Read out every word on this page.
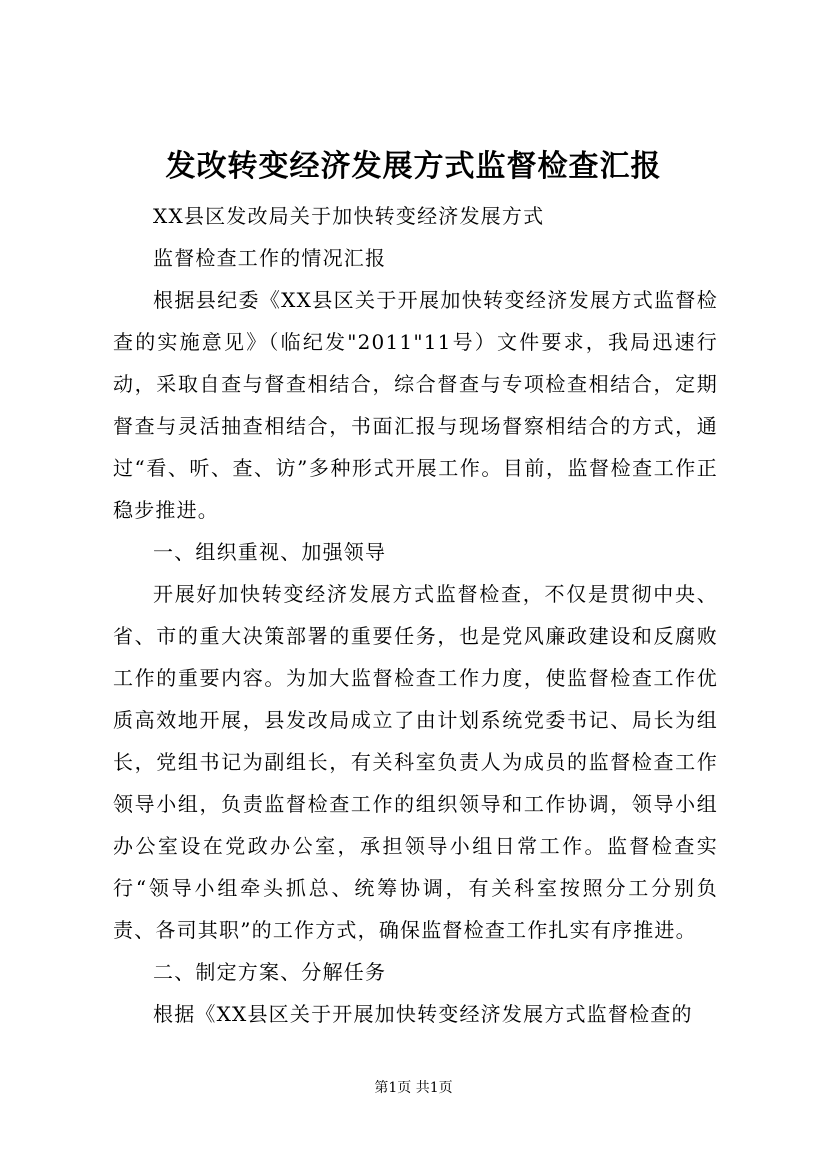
发改转变经济发展方式监督检查汇报

XX县区发改局关于加快转变经济发展方式

监督检查工作的情况汇报

根据县纪委《XX县区关于开展加快转变经济发展方式监督检查的实施意见》（临纪发"2011"11号）文件要求，我局迅速行动，采取自查与督查相结合，综合督查与专项检查相结合，定期督查与灵活抽查相结合，书面汇报与现场督察相结合的方式，通过“看、听、查、访”多种形式开展工作。目前，监督检查工作正稳步推进。

一、组织重视、加强领导

开展好加快转变经济发展方式监督检查，不仅是贯彻中央、省、市的重大决策部署的重要任务，也是党风廉政建设和反腐败工作的重要内容。为加大监督检查工作力度，使监督检查工作优质高效地开展，县发改局成立了由计划系统党委书记、局长为组长，党组书记为副组长，有关科室负责人为成员的监督检查工作领导小组，负责监督检查工作的组织领导和工作协调，领导小组办公室设在党政办公室，承担领导小组日常工作。监督检查实行“领导小组牵头抓总、统筹协调，有关科室按照分工分别负责、各司其职”的工作方式，确保监督检查工作扎实有序推进。

二、制定方案、分解任务

根据《XX县区关于开展加快转变经济发展方式监督检查的

第1页 共1页
